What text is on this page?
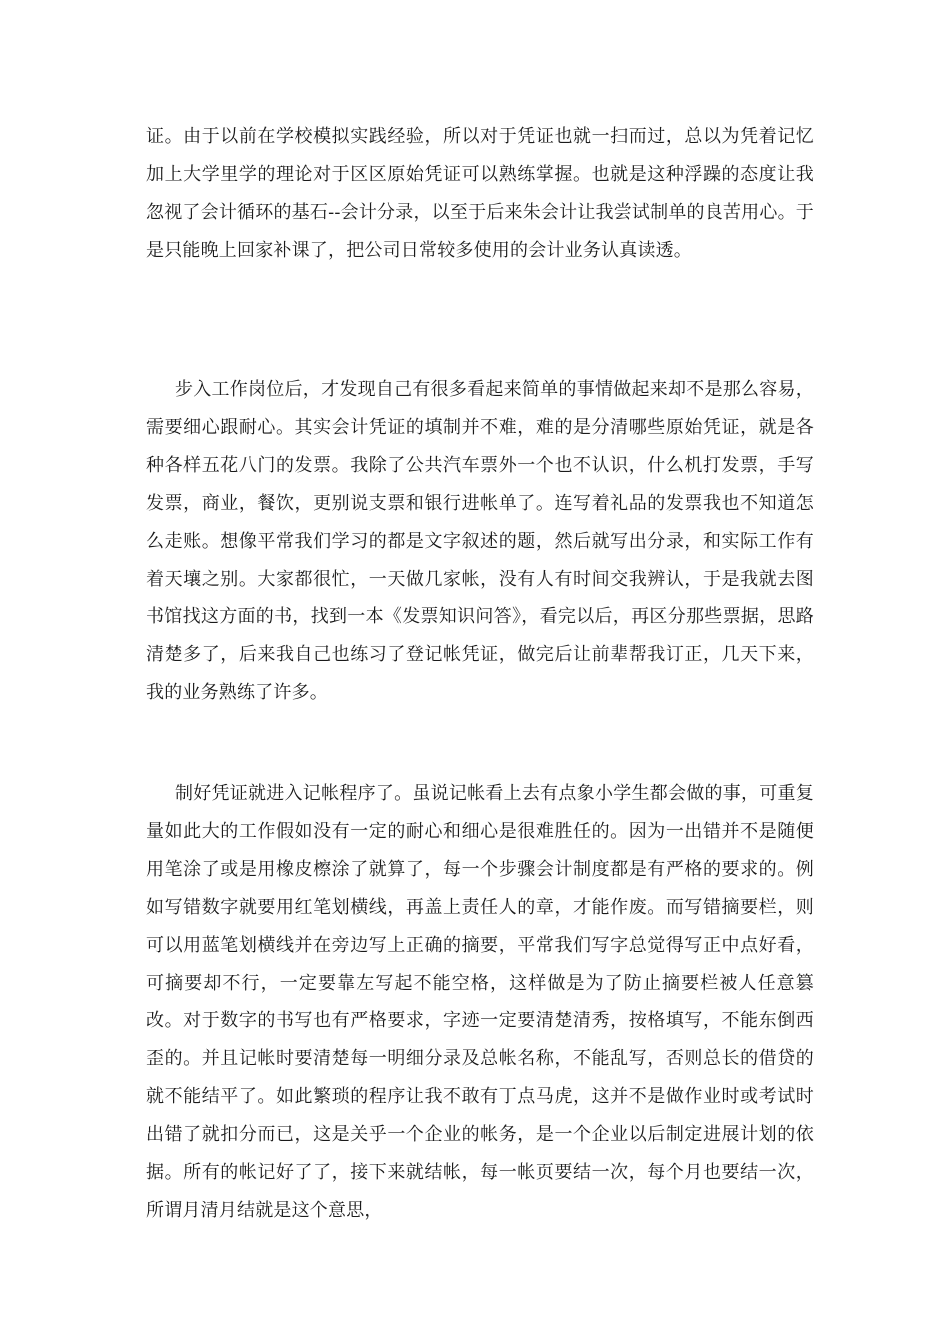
证。由于以前在学校模拟实践经验，所以对于凭证也就一扫而过，总以为凭着记忆加上大学里学的理论对于区区原始凭证可以熟练掌握。也就是这种浮躁的态度让我忽视了会计循环的基石--会计分录，以至于后来朱会计让我尝试制单的良苦用心。于是只能晚上回家补课了，把公司日常较多使用的会计业务认真读透。

步入工作岗位后，才发现自己有很多看起来简单的事情做起来却不是那么容易，需要细心跟耐心。其实会计凭证的填制并不难，难的是分清哪些原始凭证，就是各种各样五花八门的发票。我除了公共汽车票外一个也不认识，什么机打发票，手写发票，商业，餐饮，更别说支票和银行进帐单了。连写着礼品的发票我也不知道怎么走账。想像平常我们学习的都是文字叙述的题，然后就写出分录，和实际工作有着天壤之别。大家都很忙，一天做几家帐，没有人有时间交我辨认，于是我就去图书馆找这方面的书，找到一本《发票知识问答》，看完以后，再区分那些票据，思路清楚多了，后来我自己也练习了登记帐凭证，做完后让前辈帮我订正，几天下来，我的业务熟练了许多。

制好凭证就进入记帐程序了。虽说记帐看上去有点象小学生都会做的事，可重复量如此大的工作假如没有一定的耐心和细心是很难胜任的。因为一出错并不是随便用笔涂了或是用橡皮檫涂了就算了，每一个步骤会计制度都是有严格的要求的。例如写错数字就要用红笔划横线，再盖上责任人的章，才能作废。而写错摘要栏，则可以用蓝笔划横线并在旁边写上正确的摘要，平常我们写字总觉得写正中点好看，可摘要却不行，一定要靠左写起不能空格，这样做是为了防止摘要栏被人任意篡改。对于数字的书写也有严格要求，字迹一定要清楚清秀，按格填写，不能东倒西歪的。并且记帐时要清楚每一明细分录及总帐名称，不能乱写，否则总长的借贷的就不能结平了。如此繁琐的程序让我不敢有丁点马虎，这并不是做作业时或考试时出错了就扣分而已，这是关乎一个企业的帐务，是一个企业以后制定进展计划的依据。所有的帐记好了了，接下来就结帐，每一帐页要结一次，每个月也要结一次，所谓月清月结就是这个意思，
